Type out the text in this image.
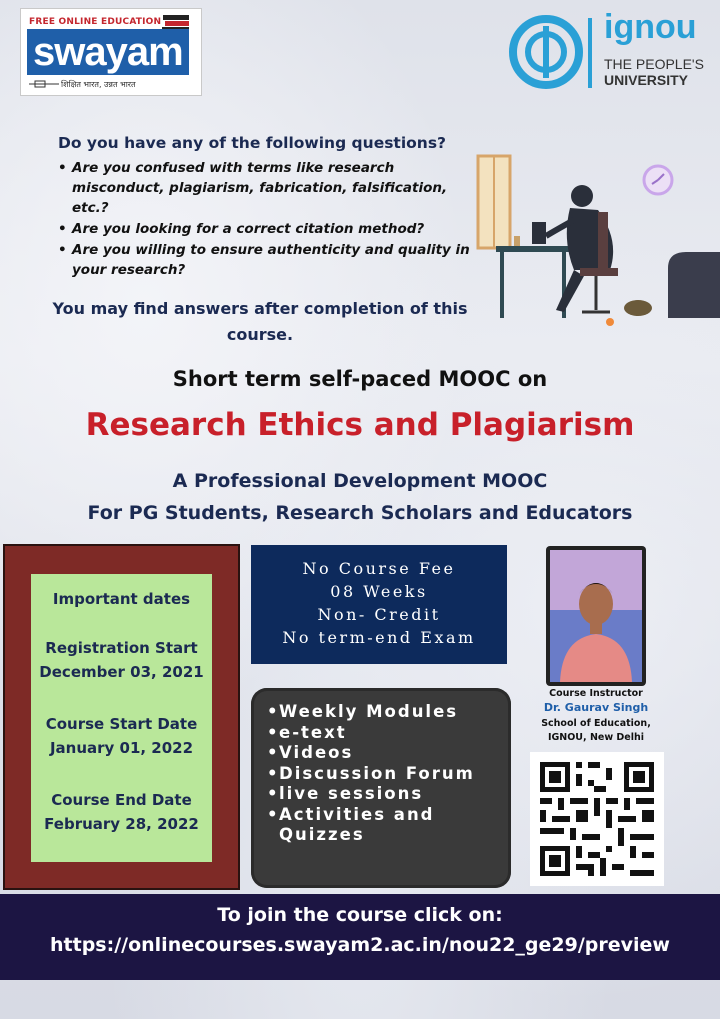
FREE ONLINE EDUCATION
swayam
शिक्षित भारत, उन्नत भारत
ignou
THE PEOPLE'S
UNIVERSITY
Do you have any of the following questions?
• Are you confused with terms like research misconduct, plagiarism, fabrication, falsification, etc.?
• Are you looking for a correct citation method?
• Are you willing to ensure authenticity and quality in your research?
You may find answers after completion of this course.
Short term self-paced MOOC on
Research Ethics and Plagiarism
A Professional Development MOOC
For PG Students, Research Scholars and Educators
Important dates
Registration Start
December 03, 2021
Course Start Date
January 01, 2022
Course End Date
February 28, 2022
No Course Fee
08 Weeks
Non- Credit
No term-end Exam
• Weekly Modules
• e-text
• Videos
• Discussion Forum
• live sessions
• Activities and Quizzes
Course Instructor
Dr. Gaurav Singh
School of Education,
IGNOU, New Delhi
To join the course click on:
https://onlinecourses.swayam2.ac.in/nou22_ge29/preview
